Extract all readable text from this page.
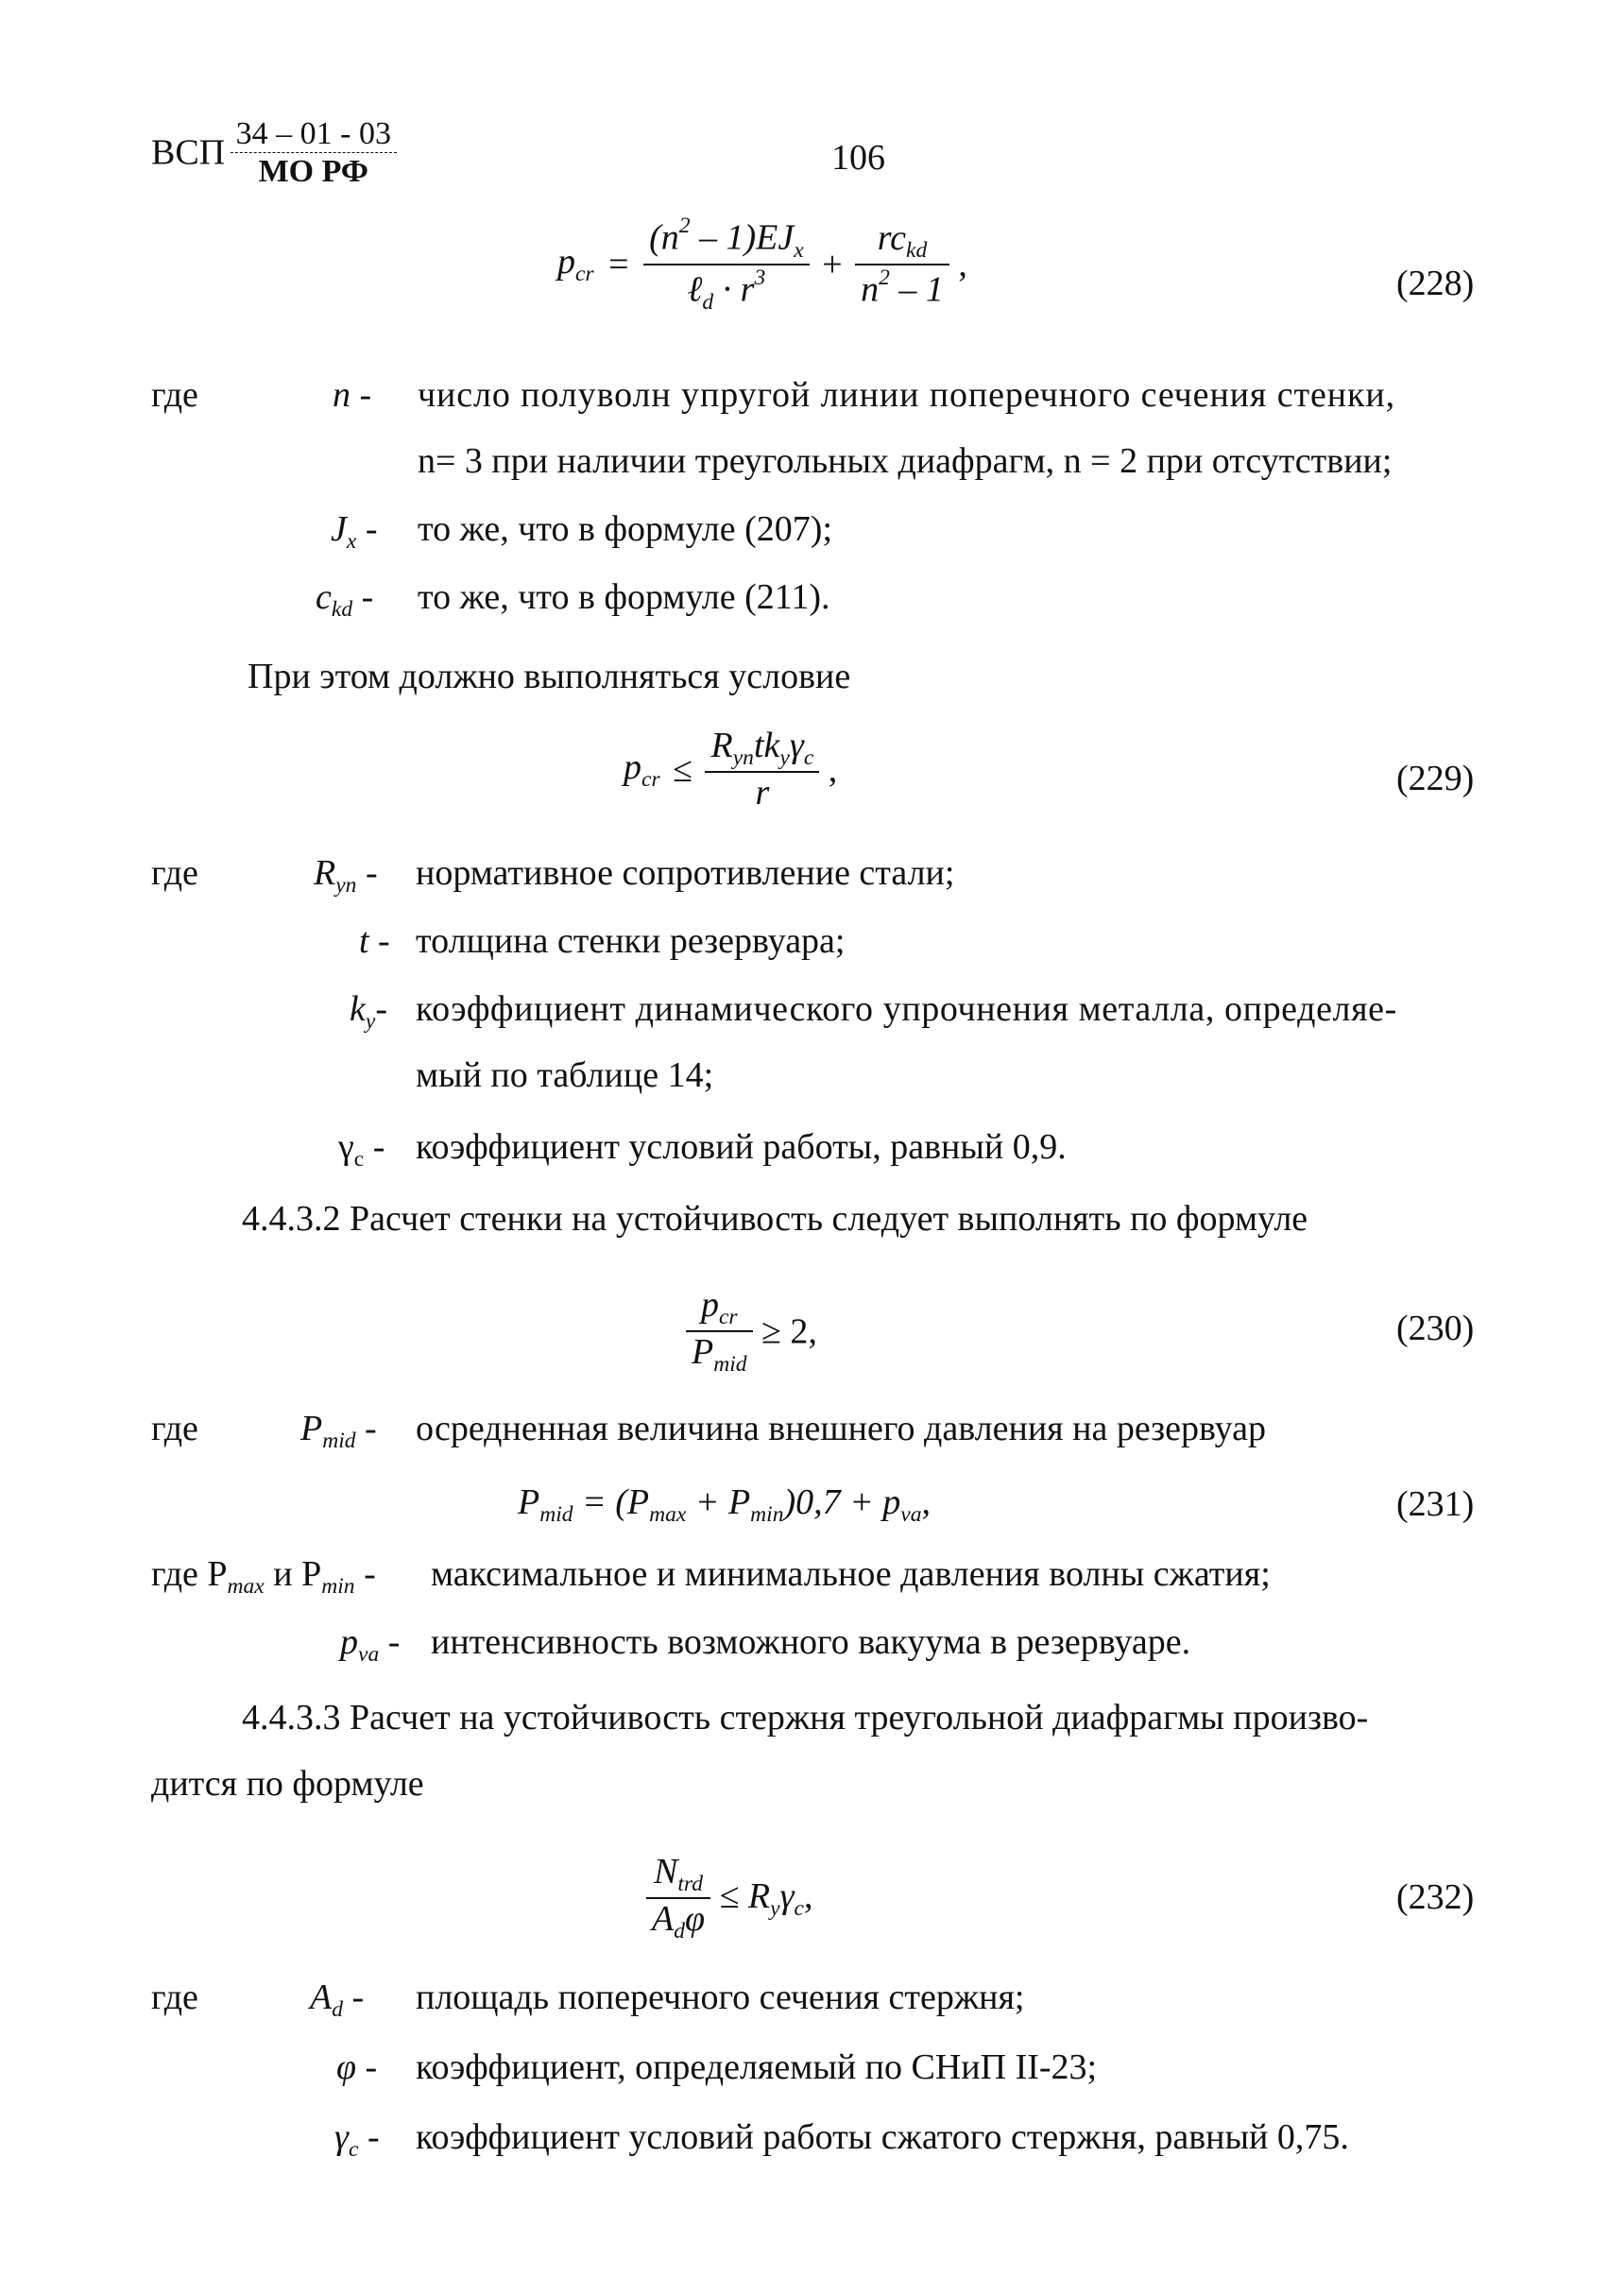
ВСП $\frac{34 - 01 - 03}{\text{МО РФ}}$	106
$p_{cr} = \frac{(n^2 - 1)EJ_x}{\ell_d \cdot r^3} + \frac{rc_{kd}}{n^2 - 1}$ ,	(228)
где	n - число полуволн упругой линии поперечного сечения стенки,
n= 3 при наличии треугольных диафрагм, n = 2 при отсутствии;
$J_x$ - то же, что в формуле (207);
$c_{kd}$ - то же, что в формуле (211).
При этом должно выполняться условие
$p_{cr} \le \frac{R_{yn}tk_y\gamma_c}{r}$ ,	(229)
где	$R_{yn}$ - нормативное сопротивление стали;
t - толщина стенки резервуара;
$k_y-$ коэффициент динамического упрочнения металла, определяе-
мый по таблице 14;
$\gamma_c$ - коэффициент условий работы, равный 0,9.
4.4.3.2 Расчет стенки на устойчивость следует выполнять по формуле
$\frac{p_{cr}}{P_{mid}} \ge 2$,	(230)
где	$P_{mid}$ - осредненная величина внешнего давления на резервуар
$P_{mid} = (P_{max} + P_{min})0,7 + p_{va}$,	(231)
где $P_{max}$ и $P_{min}$ - максимальное и минимальное давления волны сжатия;
$p_{va}$ - интенсивность возможного вакуума в резервуаре.
4.4.3.3 Расчет на устойчивость стержня треугольной диафрагмы произво-
дится по формуле
$\frac{N_{trd}}{A_d\varphi} \le R_y\gamma_c$,	(232)
где	$A_d$ - площадь поперечного сечения стержня;
φ - коэффициент, определяемый по СНиП II-23;
$\gamma_c$ - коэффициент условий работы сжатого стержня, равный 0,75.
